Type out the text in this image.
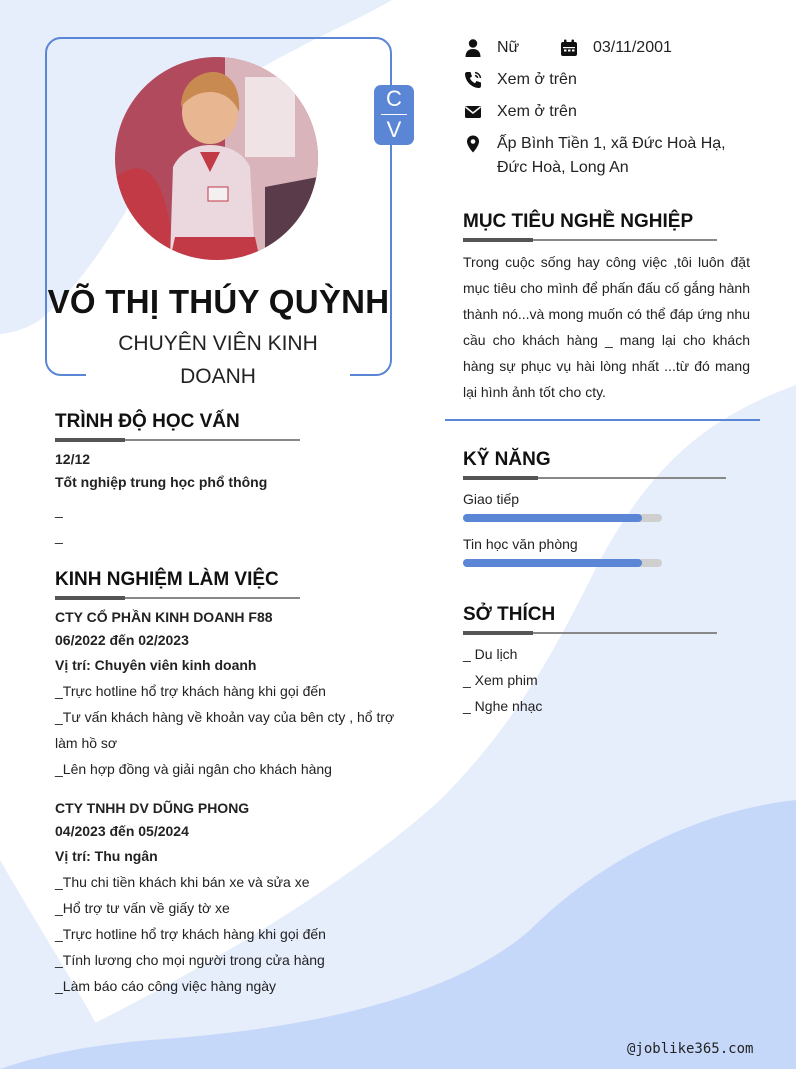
C
V
VÕ THỊ THÚY QUỲNH
CHUYÊN VIÊN KINH DOANH
Nữ	03/11/2001
Xem ở trên
Xem ở trên
Ấp Bình Tiền 1, xã Đức Hoà Hạ,
Đức Hoà, Long An
MỤC TIÊU NGHỀ NGHIỆP
Trong cuộc sống hay công việc ,tôi luôn đặt mục tiêu cho mình để phấn đấu cố gắng hành thành nó...và mong muốn có thể đáp ứng nhu cầu cho khách hàng _ mang lại cho khách hàng sự phục vụ hài lòng nhất ...từ đó mang lại hình ảnh tốt cho cty.
TRÌNH ĐỘ HỌC VẤN
12/12
Tốt nghiệp trung học phổ thông
_
_
KINH NGHIỆM LÀM VIỆC
CTY CỔ PHẦN KINH DOANH F88
06/2022 đến 02/2023
Vị trí: Chuyên viên kinh doanh
_Trực hotline hổ trợ khách hàng khi gọi đến
_Tư vấn khách hàng về khoản vay của bên cty , hổ trợ
làm hồ sơ
_Lên hợp đồng và giải ngân cho khách hàng
CTY TNHH DV DŨNG PHONG
04/2023 đến 05/2024
Vị trí: Thu ngân
_Thu chi tiền khách khi bán xe và sửa xe
_Hổ trợ tư vấn về giấy tờ xe
_Trực hotline hổ trợ khách hàng khi gọi đến
_Tính lương cho mọi người trong cửa hàng
_Làm báo cáo công việc hàng ngày
KỸ NĂNG
Giao tiếp
Tin học văn phòng
SỞ THÍCH
_ Du lịch
_ Xem phim
_ Nghe nhạc
@joblike365.com
